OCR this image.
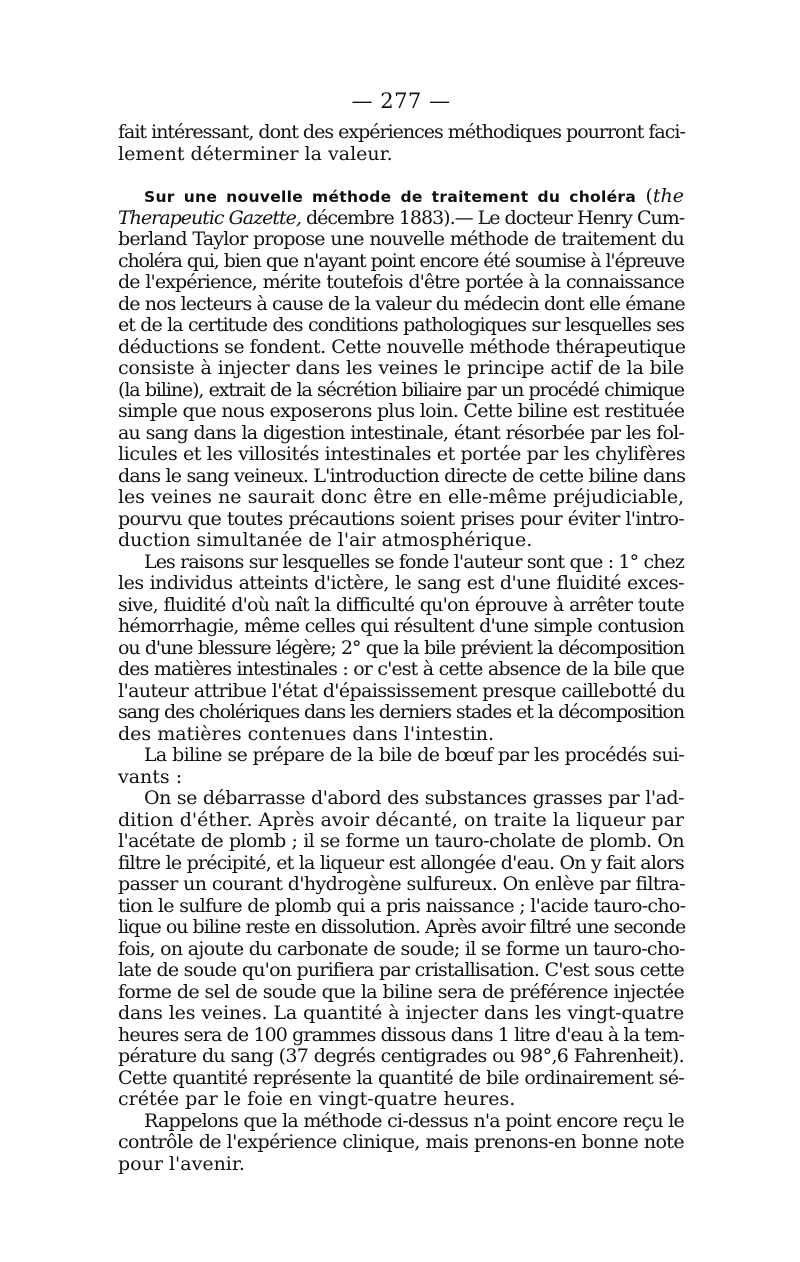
— 277 —
fait intéressant, dont des expériences méthodiques pourront faci-
lement déterminer la valeur.
Sur une nouvelle méthode de traitement du choléra (the
Therapeutic Gazette, décembre 1883).— Le docteur Henry Cum-
berland Taylor propose une nouvelle méthode de traitement du
choléra qui, bien que n'ayant point encore été soumise à l'épreuve
de l'expérience, mérite toutefois d'être portée à la connaissance
de nos lecteurs à cause de la valeur du médecin dont elle émane
et de la certitude des conditions pathologiques sur lesquelles ses
déductions se fondent. Cette nouvelle méthode thérapeutique
consiste à injecter dans les veines le principe actif de la bile
(la biline), extrait de la sécrétion biliaire par un procédé chimique
simple que nous exposerons plus loin. Cette biline est restituée
au sang dans la digestion intestinale, étant résorbée par les fol-
licules et les villosités intestinales et portée par les chylifères
dans le sang veineux. L'introduction directe de cette biline dans
les veines ne saurait donc être en elle-même préjudiciable,
pourvu que toutes précautions soient prises pour éviter l'intro-
duction simultanée de l'air atmosphérique.
Les raisons sur lesquelles se fonde l'auteur sont que : 1° chez
les individus atteints d'ictère, le sang est d'une fluidité exces-
sive, fluidité d'où naît la difficulté qu'on éprouve à arrêter toute
hémorrhagie, même celles qui résultent d'une simple contusion
ou d'une blessure légère; 2° que la bile prévient la décomposition
des matières intestinales : or c'est à cette absence de la bile que
l'auteur attribue l'état d'épaississement presque caillebotté du
sang des cholériques dans les derniers stades et la décomposition
des matières contenues dans l'intestin.
La biline se prépare de la bile de bœuf par les procédés sui-
vants :
On se débarrasse d'abord des substances grasses par l'ad-
dition d'éther. Après avoir décanté, on traite la liqueur par
l'acétate de plomb ; il se forme un tauro-cholate de plomb. On
filtre le précipité, et la liqueur est allongée d'eau. On y fait alors
passer un courant d'hydrogène sulfureux. On enlève par filtra-
tion le sulfure de plomb qui a pris naissance ; l'acide tauro-cho-
lique ou biline reste en dissolution. Après avoir filtré une seconde
fois, on ajoute du carbonate de soude; il se forme un tauro-cho-
late de soude qu'on purifiera par cristallisation. C'est sous cette
forme de sel de soude que la biline sera de préférence injectée
dans les veines. La quantité à injecter dans les vingt-quatre
heures sera de 100 grammes dissous dans 1 litre d'eau à la tem-
pérature du sang (37 degrés centigrades ou 98°,6 Fahrenheit).
Cette quantité représente la quantité de bile ordinairement sé-
crétée par le foie en vingt-quatre heures.
Rappelons que la méthode ci-dessus n'a point encore reçu le
contrôle de l'expérience clinique, mais prenons-en bonne note
pour l'avenir.
